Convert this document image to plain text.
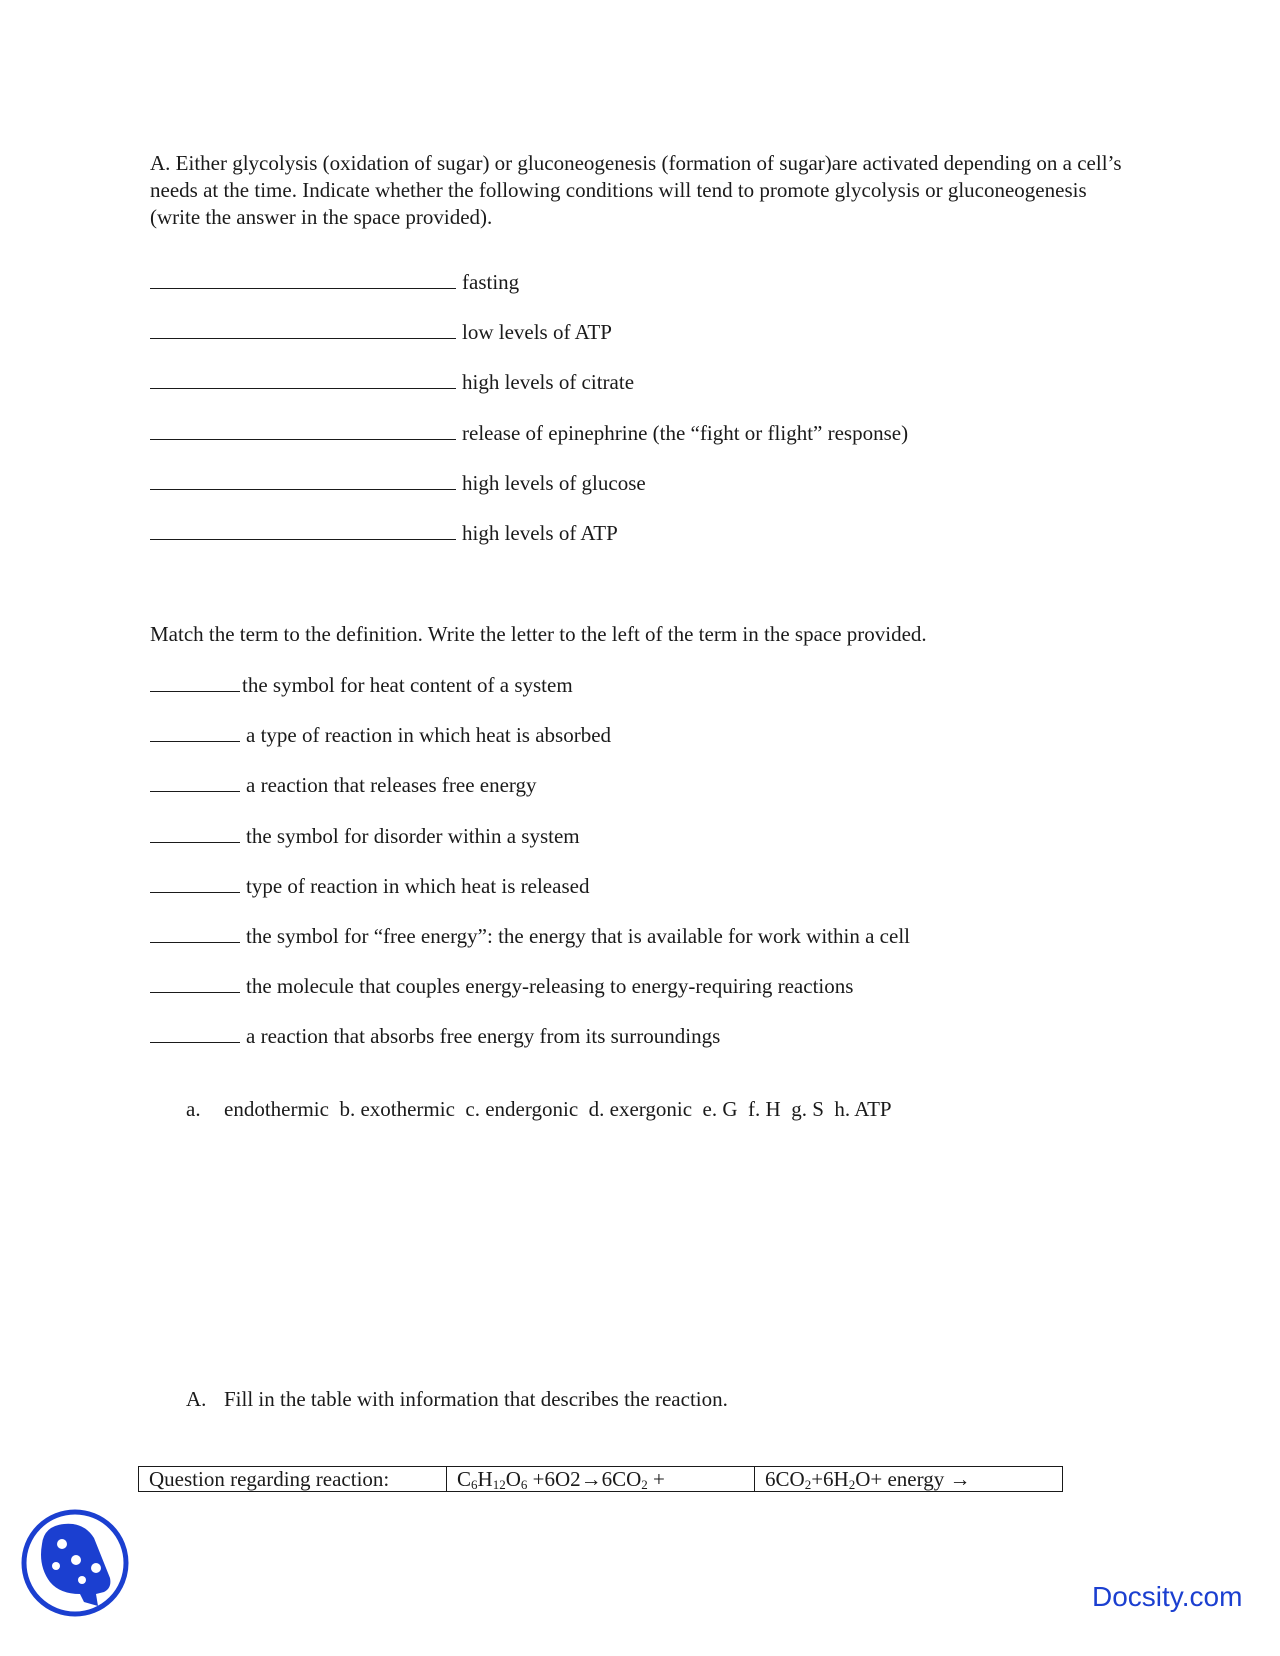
A. Either glycolysis (oxidation of sugar) or gluconeogenesis (formation of sugar)are activated depending on a cell’s needs at the time. Indicate whether the following conditions will tend to promote glycolysis or gluconeogenesis (write the answer in the space provided).

fasting
low levels of ATP
high levels of citrate
release of epinephrine (the “fight or flight” response)
high levels of glucose
high levels of ATP
Match the term to the definition. Write the letter to the left of the term in the space provided.
the symbol for heat content of a system
a type of reaction in which heat is absorbed
a reaction that releases free energy
the symbol for disorder within a system
type of reaction in which heat is released
the symbol for “free energy”: the energy that is available for work within a cell
the molecule that couples energy-releasing to energy-requiring reactions
a reaction that absorbs free energy from its surroundings
a. endothermic  b. exothermic  c. endergonic  d. exergonic  e. G  f. H  g. S  h. ATP
A. Fill in the table with information that describes the reaction.
Question regarding reaction:	$C_6H_{12}O_6 +6O2\to 6CO_2$ +	$6CO_2+6H_2O+$ energy →
Docsity.com
